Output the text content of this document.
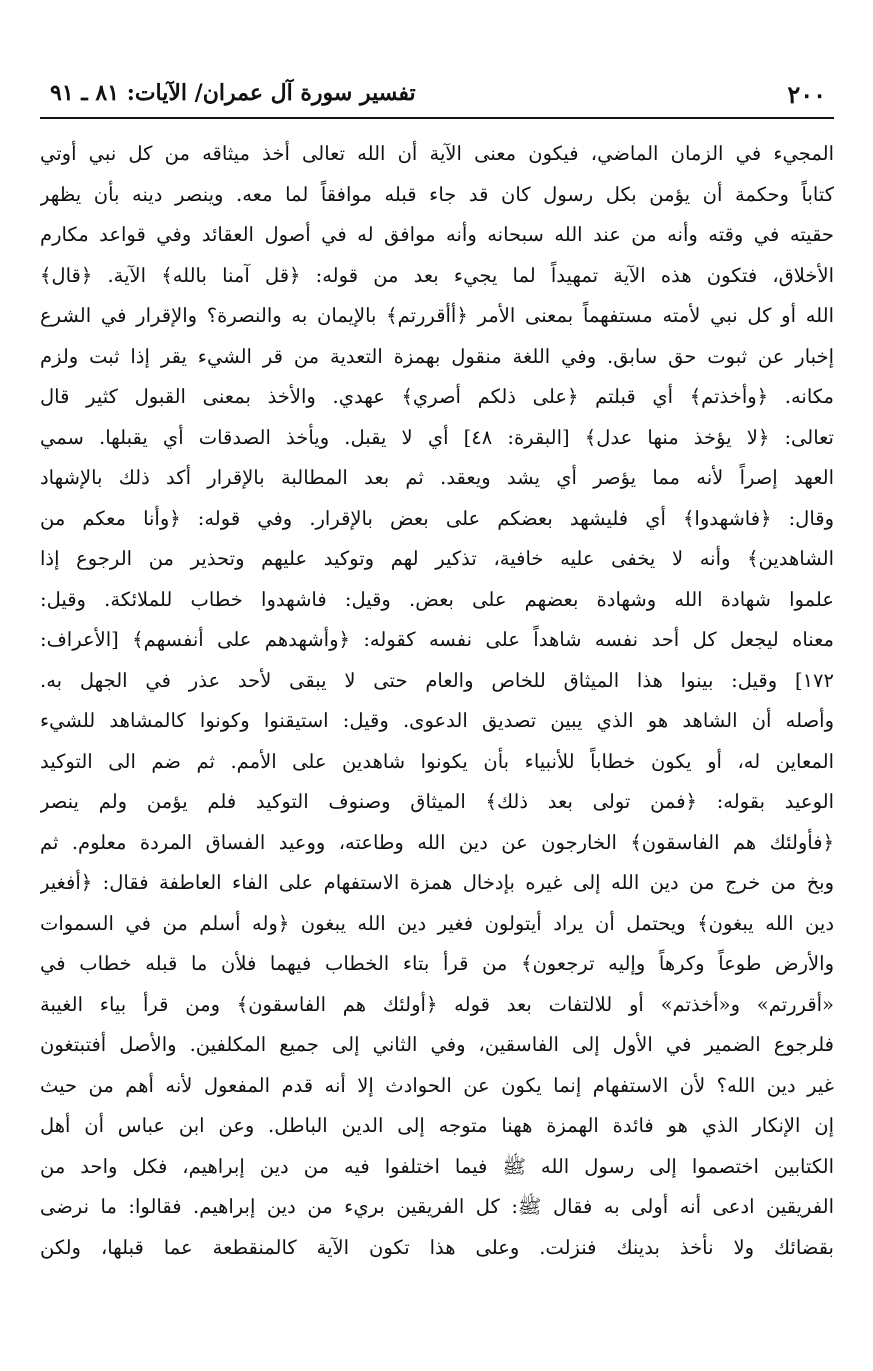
٢٠٠
تفسير سورة آل عمران/ الآيات: ٨١ ـ ٩١
المجيء في الزمان الماضي، فيكون معنى الآية أن الله تعالى أخذ ميثاقه من كل نبي أوتي
كتاباً وحكمة أن يؤمن بكل رسول كان قد جاء قبله موافقاً لما معه. وينصر دينه بأن يظهر
حقيته في وقته وأنه من عند الله سبحانه وأنه موافق له في أصول العقائد وفي قواعد مكارم
الأخلاق، فتكون هذه الآية تمهيداً لما يجيء بعد من قوله: ﴿قل آمنا بالله﴾ الآية. ﴿قال﴾
الله أو كل نبي لأمته مستفهماً بمعنى الأمر ﴿أأقررتم﴾ بالإيمان به والنصرة؟ والإقرار في الشرع
إخبار عن ثبوت حق سابق. وفي اللغة منقول بهمزة التعدية من قر الشيء يقر إذا ثبت ولزم
مكانه. ﴿وأخذتم﴾ أي قبلتم ﴿على ذلكم أصري﴾ عهدي. والأخذ بمعنى القبول كثير قال
تعالى: ﴿لا يؤخذ منها عدل﴾ [البقرة: ٤٨] أي لا يقبل. ويأخذ الصدقات أي يقبلها. سمي
العهد إصراً لأنه مما يؤصر أي يشد ويعقد. ثم بعد المطالبة بالإقرار أكد ذلك بالإشهاد
وقال: ﴿فاشهدوا﴾ أي فليشهد بعضكم على بعض بالإقرار. وفي قوله: ﴿وأنا معكم من
الشاهدين﴾ وأنه لا يخفى عليه خافية، تذكير لهم وتوكيد عليهم وتحذير من الرجوع إذا
علموا شهادة الله وشهادة بعضهم على بعض. وقيل: فاشهدوا خطاب للملائكة. وقيل:
معناه ليجعل كل أحد نفسه شاهداً على نفسه كقوله: ﴿وأشهدهم على أنفسهم﴾ [الأعراف:
١٧٢] وقيل: بينوا هذا الميثاق للخاص والعام حتى لا يبقى لأحد عذر في الجهل به.
وأصله أن الشاهد هو الذي يبين تصديق الدعوى. وقيل: استيقنوا وكونوا كالمشاهد للشيء
المعاين له، أو يكون خطاباً للأنبياء بأن يكونوا شاهدين على الأمم. ثم ضم الى التوكيد
الوعيد بقوله: ﴿فمن تولى بعد ذلك﴾ الميثاق وصنوف التوكيد فلم يؤمن ولم ينصر
﴿فأولئك هم الفاسقون﴾ الخارجون عن دين الله وطاعته، ووعيد الفساق المردة معلوم. ثم
وبخ من خرج من دين الله إلى غيره بإدخال همزة الاستفهام على الفاء العاطفة فقال: ﴿أفغير
دين الله يبغون﴾ ويحتمل أن يراد أيتولون فغير دين الله يبغون ﴿وله أسلم من في السموات
والأرض طوعاً وكرهاً وإليه ترجعون﴾ من قرأ بتاء الخطاب فيهما فلأن ما قبله خطاب في
«أقررتم» و«أخذتم» أو للالتفات بعد قوله ﴿أولئك هم الفاسقون﴾ ومن قرأ بياء الغيبة
فلرجوع الضمير في الأول إلى الفاسقين، وفي الثاني إلى جميع المكلفين. والأصل أفتبتغون
غير دين الله؟ لأن الاستفهام إنما يكون عن الحوادث إلا أنه قدم المفعول لأنه أهم من حيث
إن الإنكار الذي هو فائدة الهمزة ههنا متوجه إلى الدين الباطل. وعن ابن عباس أن أهل
الكتابين اختصموا إلى رسول الله ﷺ فيما اختلفوا فيه من دين إبراهيم، فكل واحد من
الفريقين ادعى أنه أولى به فقال ﷺ: كل الفريقين بريء من دين إبراهيم. فقالوا: ما نرضى
بقضائك ولا نأخذ بدينك فنزلت. وعلى هذا تكون الآية كالمنقطعة عما قبلها، ولكن
